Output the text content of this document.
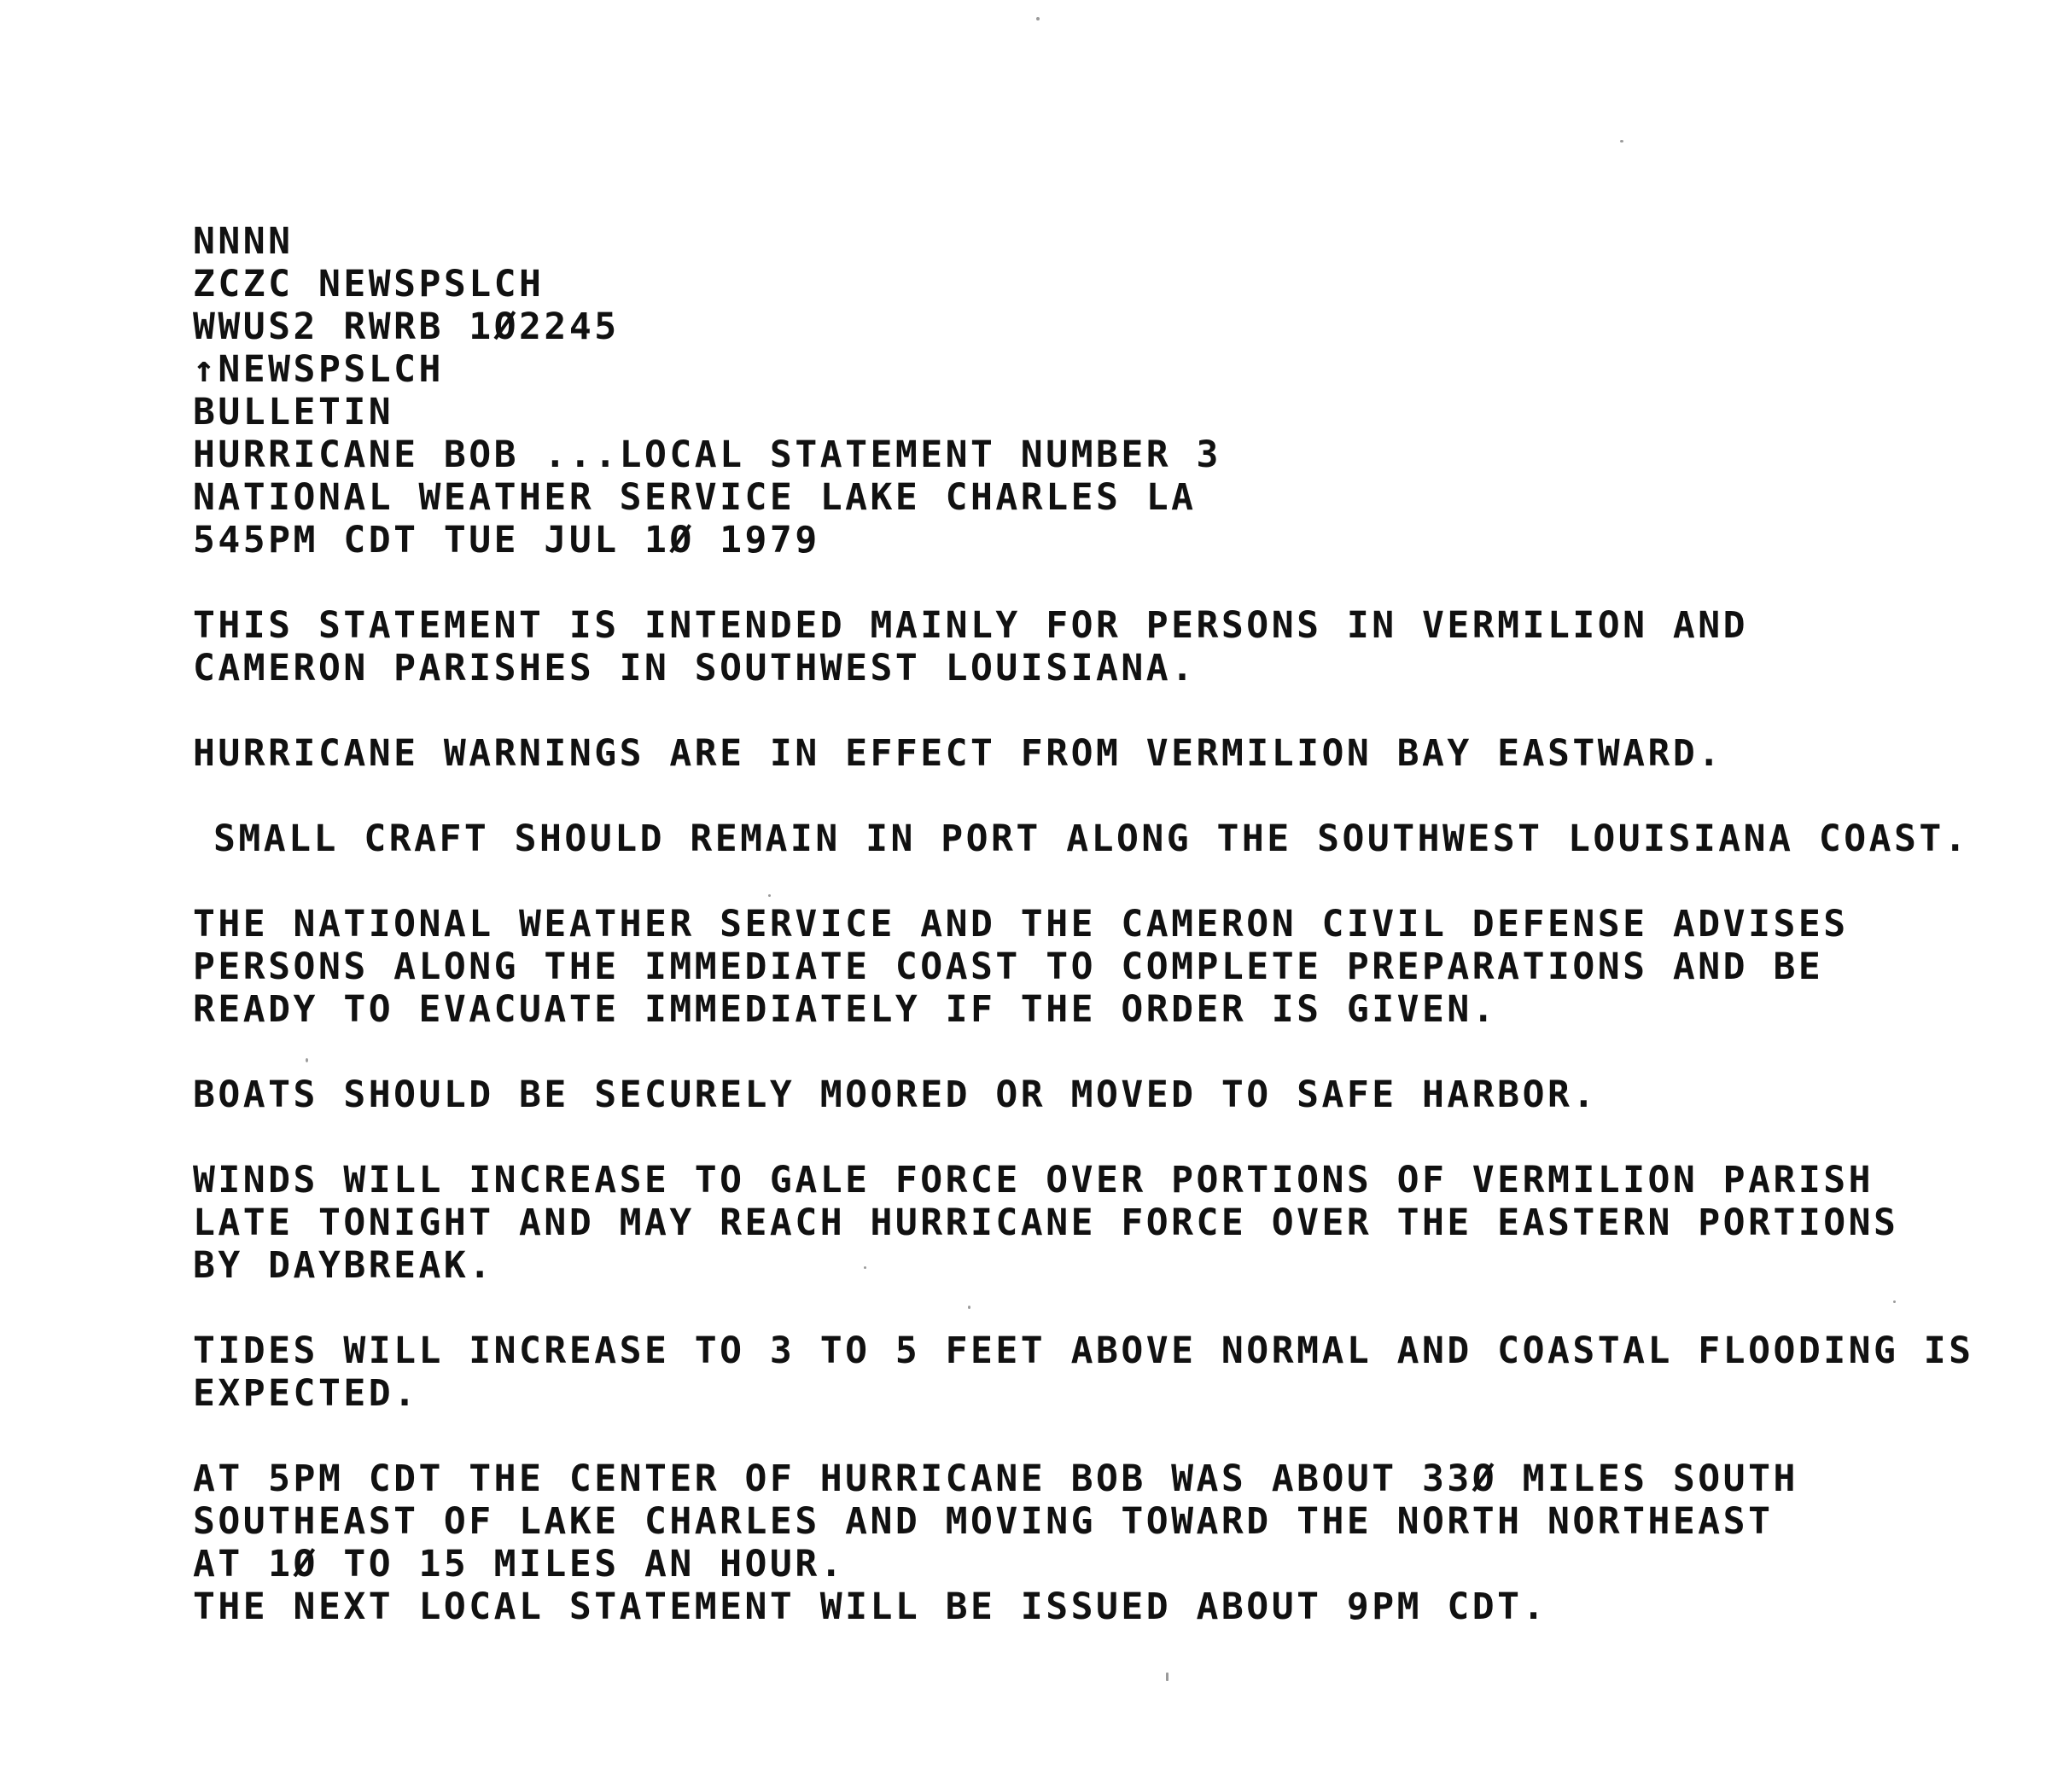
NNNN
ZCZC NEWSPSLCH
WWUS2 RWRB 1Ø2245
↑NEWSPSLCH
BULLETIN
HURRICANE BOB ...LOCAL STATEMENT NUMBER 3
NATIONAL WEATHER SERVICE LAKE CHARLES LA
545PM CDT TUE JUL 1Ø 1979
THIS STATEMENT IS INTENDED MAINLY FOR PERSONS IN VERMILION AND
CAMERON PARISHES IN SOUTHWEST LOUISIANA.
HURRICANE WARNINGS ARE IN EFFECT FROM VERMILION BAY EASTWARD.
SMALL CRAFT SHOULD REMAIN IN PORT ALONG THE SOUTHWEST LOUISIANA COAST.
THE NATIONAL WEATHER SERVICE AND THE CAMERON CIVIL DEFENSE ADVISES
PERSONS ALONG THE IMMEDIATE COAST TO COMPLETE PREPARATIONS AND BE
READY TO EVACUATE IMMEDIATELY IF THE ORDER IS GIVEN.
BOATS SHOULD BE SECURELY MOORED OR MOVED TO SAFE HARBOR.
WINDS WILL INCREASE TO GALE FORCE OVER PORTIONS OF VERMILION PARISH
LATE TONIGHT AND MAY REACH HURRICANE FORCE OVER THE EASTERN PORTIONS
BY DAYBREAK.
TIDES WILL INCREASE TO 3 TO 5 FEET ABOVE NORMAL AND COASTAL FLOODING IS
EXPECTED.
AT 5PM CDT THE CENTER OF HURRICANE BOB WAS ABOUT 33Ø MILES SOUTH
SOUTHEAST OF LAKE CHARLES AND MOVING TOWARD THE NORTH NORTHEAST
AT 1Ø TO 15 MILES AN HOUR.
THE NEXT LOCAL STATEMENT WILL BE ISSUED ABOUT 9PM CDT.
